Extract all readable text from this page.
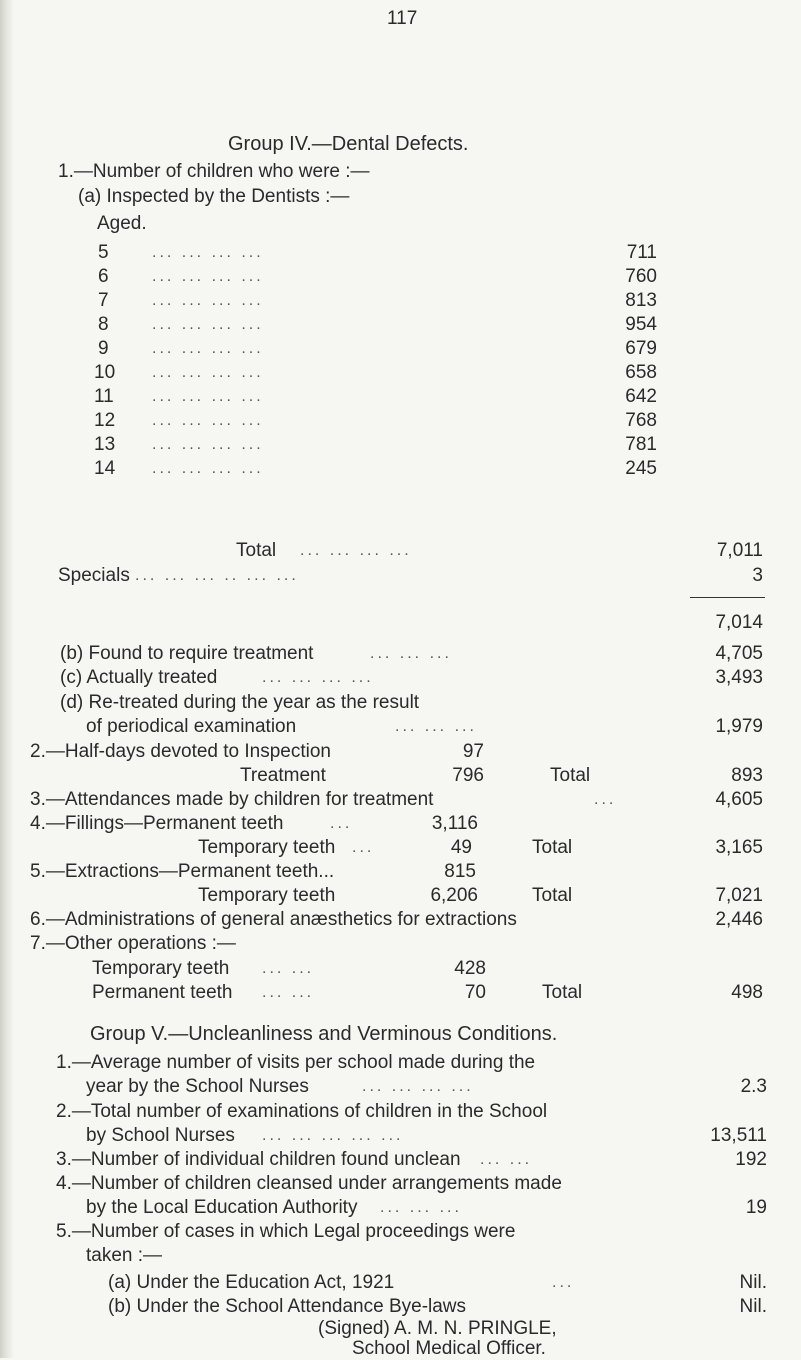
117
Group IV.—Dental Defects.
1.—Number of children who were :—
(a) Inspected by the Dentists :—
Aged.
5	... ... ... ...	711
6	... ... ... ...	760
7	... ... ... ...	813
8	... ... ... ...	954
9	... ... ... ...	679
10 ... ... ... ...	658
11 ... ... ... ...	642
12 ... ... ... ...	768
13 ... ... ... ...	781
14 ... ... ... ...	245
Total ... ... ... ...	7,011
Specials ... ... ... .. ... ...	3
7,014
(b) Found to require treatment	... ... ...	4,705
(c) Actually treated	... ... ... ...	3,493
(d) Re-treated during the year as the result
of periodical examination	... ... ...	1,979
2.—Half-days devoted to Inspection	97
Treatment	796	Total	893
3.—Attendances made by children for treatment	...	4,605
4.—Fillings—Permanent teeth	...	3,116
Temporary teeth ...	49	Total	3,165
5.—Extractions—Permanent teeth...	815
Temporary teeth	6,206	Total	7,021
6.—Administrations of general anæsthetics for extractions	2,446
7.—Other operations :—
Temporary teeth ... ...	428
Permanent teeth ... ...	70	Total	498
Group V.—Uncleanliness and Verminous Conditions.
1.—Average number of visits per school made during the
year by the School Nurses	... ... ... ...	2.3
2.—Total number of examinations of children in the School
by School Nurses ... ... ... ... ...	13,511
3.—Number of individual children found unclean ... ...	192
4.—Number of children cleansed under arrangements made
by the Local Education Authority ... ... ...	19
5.—Number of cases in which Legal proceedings were
taken :—
(a) Under the Education Act, 1921	...	Nil.
(b) Under the School Attendance Bye-laws	Nil.
(Signed) A. M. N. PRINGLE,
School Medical Officer.
